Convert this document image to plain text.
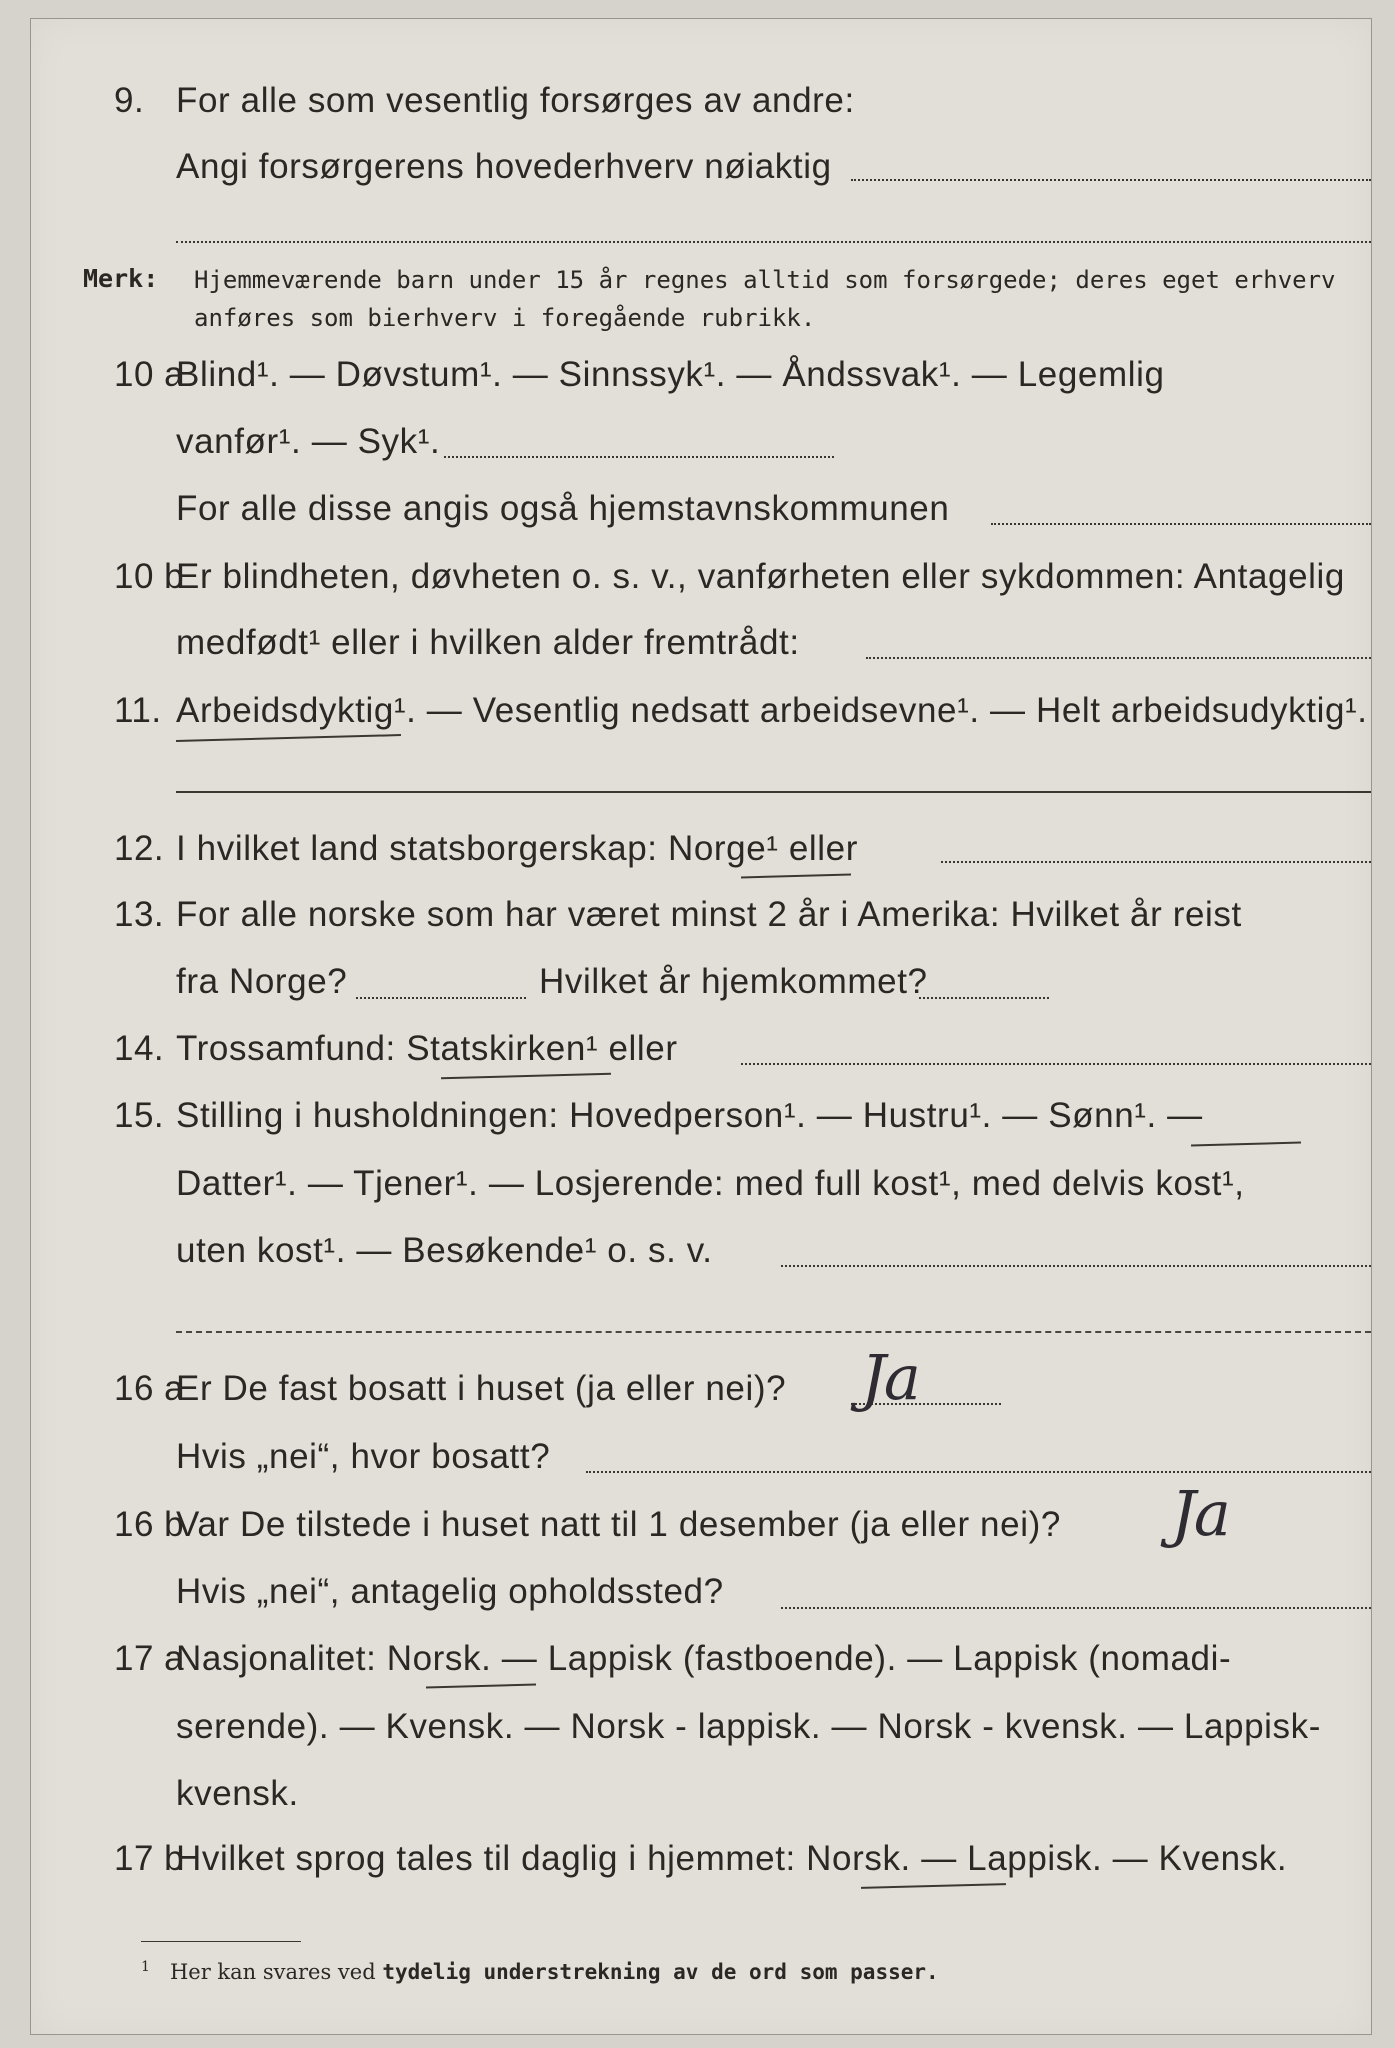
9. For alle som vesentlig forsørges av andre:
Angi forsørgerens hovederhverv nøiaktig
Merk: Hjemmeværende barn under 15 år regnes alltid som forsørgede; deres eget erhverv anføres som bierhverv i foregående rubrikk.
10 a
Blind¹. — Døvstum¹. — Sinnssyk¹. — Åndssvak¹. — Legemlig
vanfør¹. — Syk¹.
For alle disse angis også hjemstavnskommunen
10 b
Er blindheten, døvheten o. s. v., vanførheten eller sykdommen: Antagelig
medfødt¹ eller i hvilken alder fremtrådt:
11. Arbeidsdyktig¹. — Vesentlig nedsatt arbeidsevne¹. — Helt arbeidsudyktig¹.
12. I hvilket land statsborgerskap: Norge¹ eller
13. For alle norske som har været minst 2 år i Amerika: Hvilket år reist
fra Norge?	Hvilket år hjemkommet?
14. Trossamfund: Statskirken¹ eller
15. Stilling i husholdningen: Hovedperson¹. — Hustru¹. — Sønn¹. —
Datter¹. — Tjener¹. — Losjerende: med full kost¹, med delvis kost¹,
uten kost¹. — Besøkende¹ o. s. v.
16 a
Er De fast bosatt i huset (ja eller nei)? Ja
Hvis „nei“, hvor bosatt?
16 b
Var De tilstede i huset natt til 1 desember (ja eller nei)? Ja
Hvis „nei“, antagelig opholdssted?
17 a
Nasjonalitet: Norsk. — Lappisk (fastboende). — Lappisk (nomadi-
serende). — Kvensk. — Norsk - lappisk. — Norsk - kvensk. — Lappisk-
kvensk.
17 b
Hvilket sprog tales til daglig i hjemmet: Norsk. — Lappisk. — Kvensk.
$^1$ Her kan svares ved tydelig understrekning av de ord som passer.
